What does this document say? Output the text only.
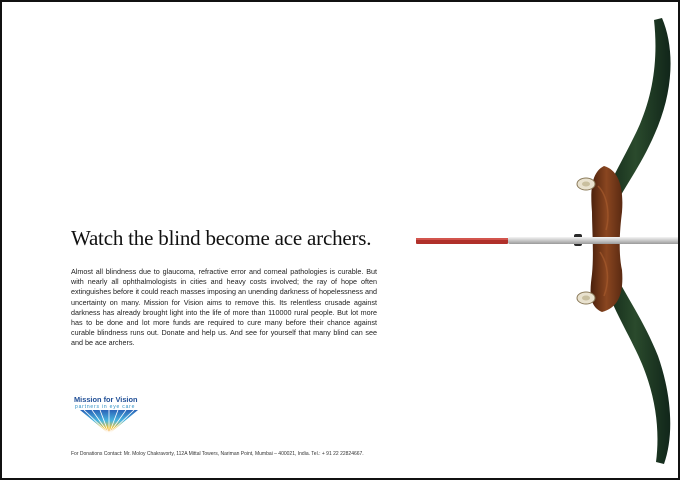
Watch the blind become ace archers.

Almost all blindness due to glaucoma, refractive error and corneal pathologies is curable. But with nearly all ophthalmologists in cities and heavy costs involved; the ray of hope often extinguishes before it could reach masses imposing an unending darkness of hopelessness and uncertainty on many. Mission for Vision aims to remove this. Its relentless crusade against darkness has already brought light into the life of more than 110000 rural people. But lot more has to be done and lot more funds are required to cure many before their chance against curable blindness runs out. Donate and help us. And see for yourself that many blind can see and be ace archers.

Mission for Vision
partners in eye care
For Donations Contact: Mr. Moloy Chakravorty, 112A Mittal Towers, Nariman Point, Mumbai – 400021, India. Tel.: + 91 22 22824667.
